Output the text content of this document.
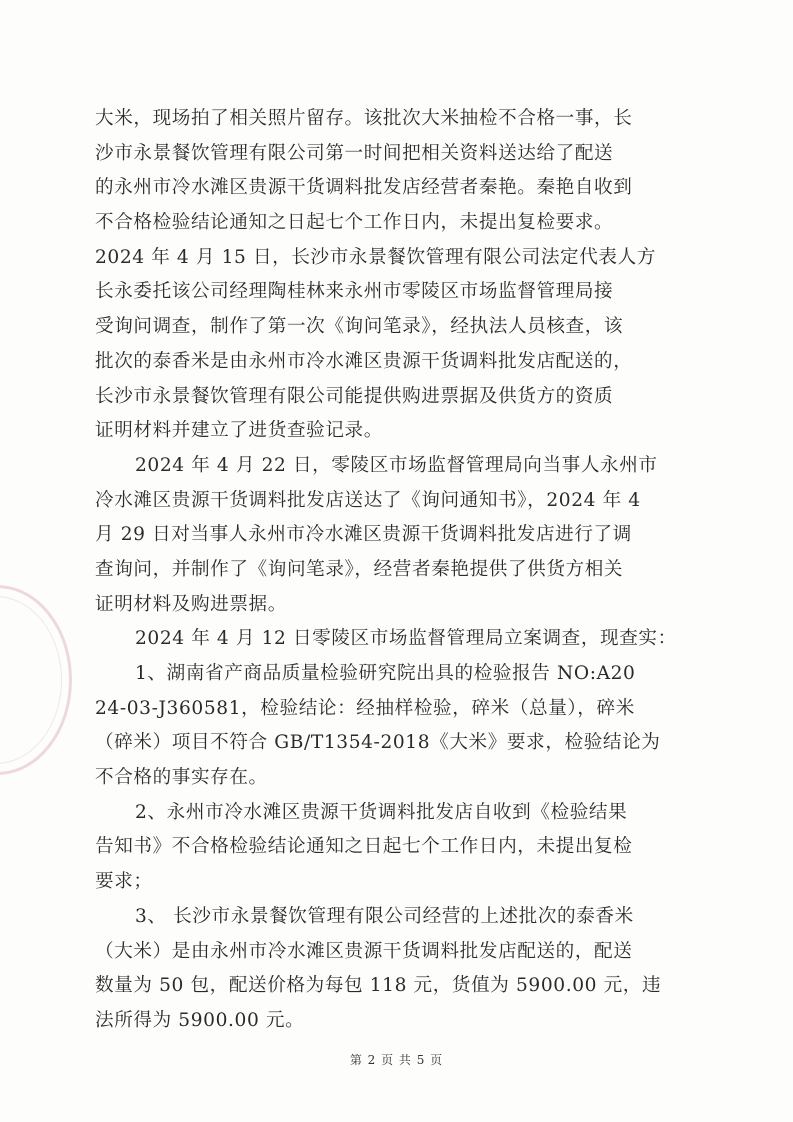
大米，现场拍了相关照片留存。该批次大米抽检不合格一事，长
沙市永景餐饮管理有限公司第一时间把相关资料送达给了配送
的永州市冷水滩区贵源干货调料批发店经营者秦艳。秦艳自收到
不合格检验结论通知之日起七个工作日内，未提出复检要求。
2024 年 4 月 15 日，长沙市永景餐饮管理有限公司法定代表人方
长永委托该公司经理陶桂林来永州市零陵区市场监督管理局接
受询问调查，制作了第一次《询问笔录》，经执法人员核查，该
批次的泰香米是由永州市冷水滩区贵源干货调料批发店配送的，
长沙市永景餐饮管理有限公司能提供购进票据及供货方的资质
证明材料并建立了进货查验记录。
2024 年 4 月 22 日，零陵区市场监督管理局向当事人永州市
冷水滩区贵源干货调料批发店送达了《询问通知书》，2024 年 4
月 29 日对当事人永州市冷水滩区贵源干货调料批发店进行了调
查询问，并制作了《询问笔录》，经营者秦艳提供了供货方相关
证明材料及购进票据。
2024 年 4 月 12 日零陵区市场监督管理局立案调查，现查实：
1、湖南省产商品质量检验研究院出具的检验报告 NO:A20
24-03-J360581，检验结论：经抽样检验，碎米（总量），碎米
（碎米）项目不符合 GB/T1354-2018《大米》要求，检验结论为
不合格的事实存在。
2、永州市冷水滩区贵源干货调料批发店自收到《检验结果
告知书》不合格检验结论通知之日起七个工作日内，未提出复检
要求；
3、 长沙市永景餐饮管理有限公司经营的上述批次的泰香米
（大米）是由永州市冷水滩区贵源干货调料批发店配送的，配送
数量为 50 包，配送价格为每包 118 元，货值为 5900.00 元，违
法所得为 5900.00 元。
第 2 页 共 5 页
